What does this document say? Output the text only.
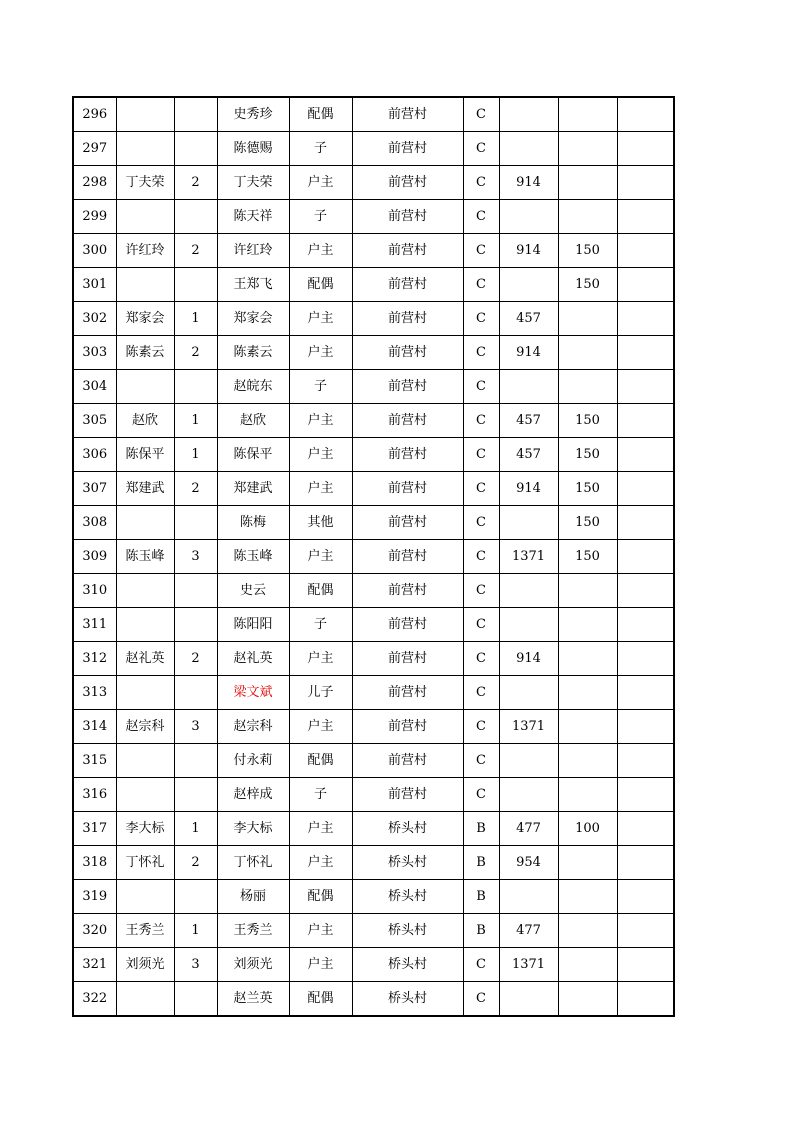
296			史秀珍	配偶	前营村	C			
297			陈德赐	子	前营村	C			
298	丁夫荣	2	丁夫荣	户主	前营村	C	914		
299			陈天祥	子	前营村	C			
300	许红玲	2	许红玲	户主	前营村	C	914	150	
301			王郑飞	配偶	前营村	C		150	
302	郑家会	1	郑家会	户主	前营村	C	457		
303	陈素云	2	陈素云	户主	前营村	C	914		
304			赵皖东	子	前营村	C			
305	赵欣	1	赵欣	户主	前营村	C	457	150	
306	陈保平	1	陈保平	户主	前营村	C	457	150	
307	郑建武	2	郑建武	户主	前营村	C	914	150	
308			陈梅	其他	前营村	C		150	
309	陈玉峰	3	陈玉峰	户主	前营村	C	1371	150	
310			史云	配偶	前营村	C			
311			陈阳阳	子	前营村	C			
312	赵礼英	2	赵礼英	户主	前营村	C	914		
313			梁文斌	儿子	前营村	C			
314	赵宗科	3	赵宗科	户主	前营村	C	1371		
315			付永莉	配偶	前营村	C			
316			赵梓成	子	前营村	C			
317	李大标	1	李大标	户主	桥头村	B	477	100	
318	丁怀礼	2	丁怀礼	户主	桥头村	B	954		
319			杨丽	配偶	桥头村	B			
320	王秀兰	1	王秀兰	户主	桥头村	B	477		
321	刘须光	3	刘须光	户主	桥头村	C	1371		
322			赵兰英	配偶	桥头村	C			
